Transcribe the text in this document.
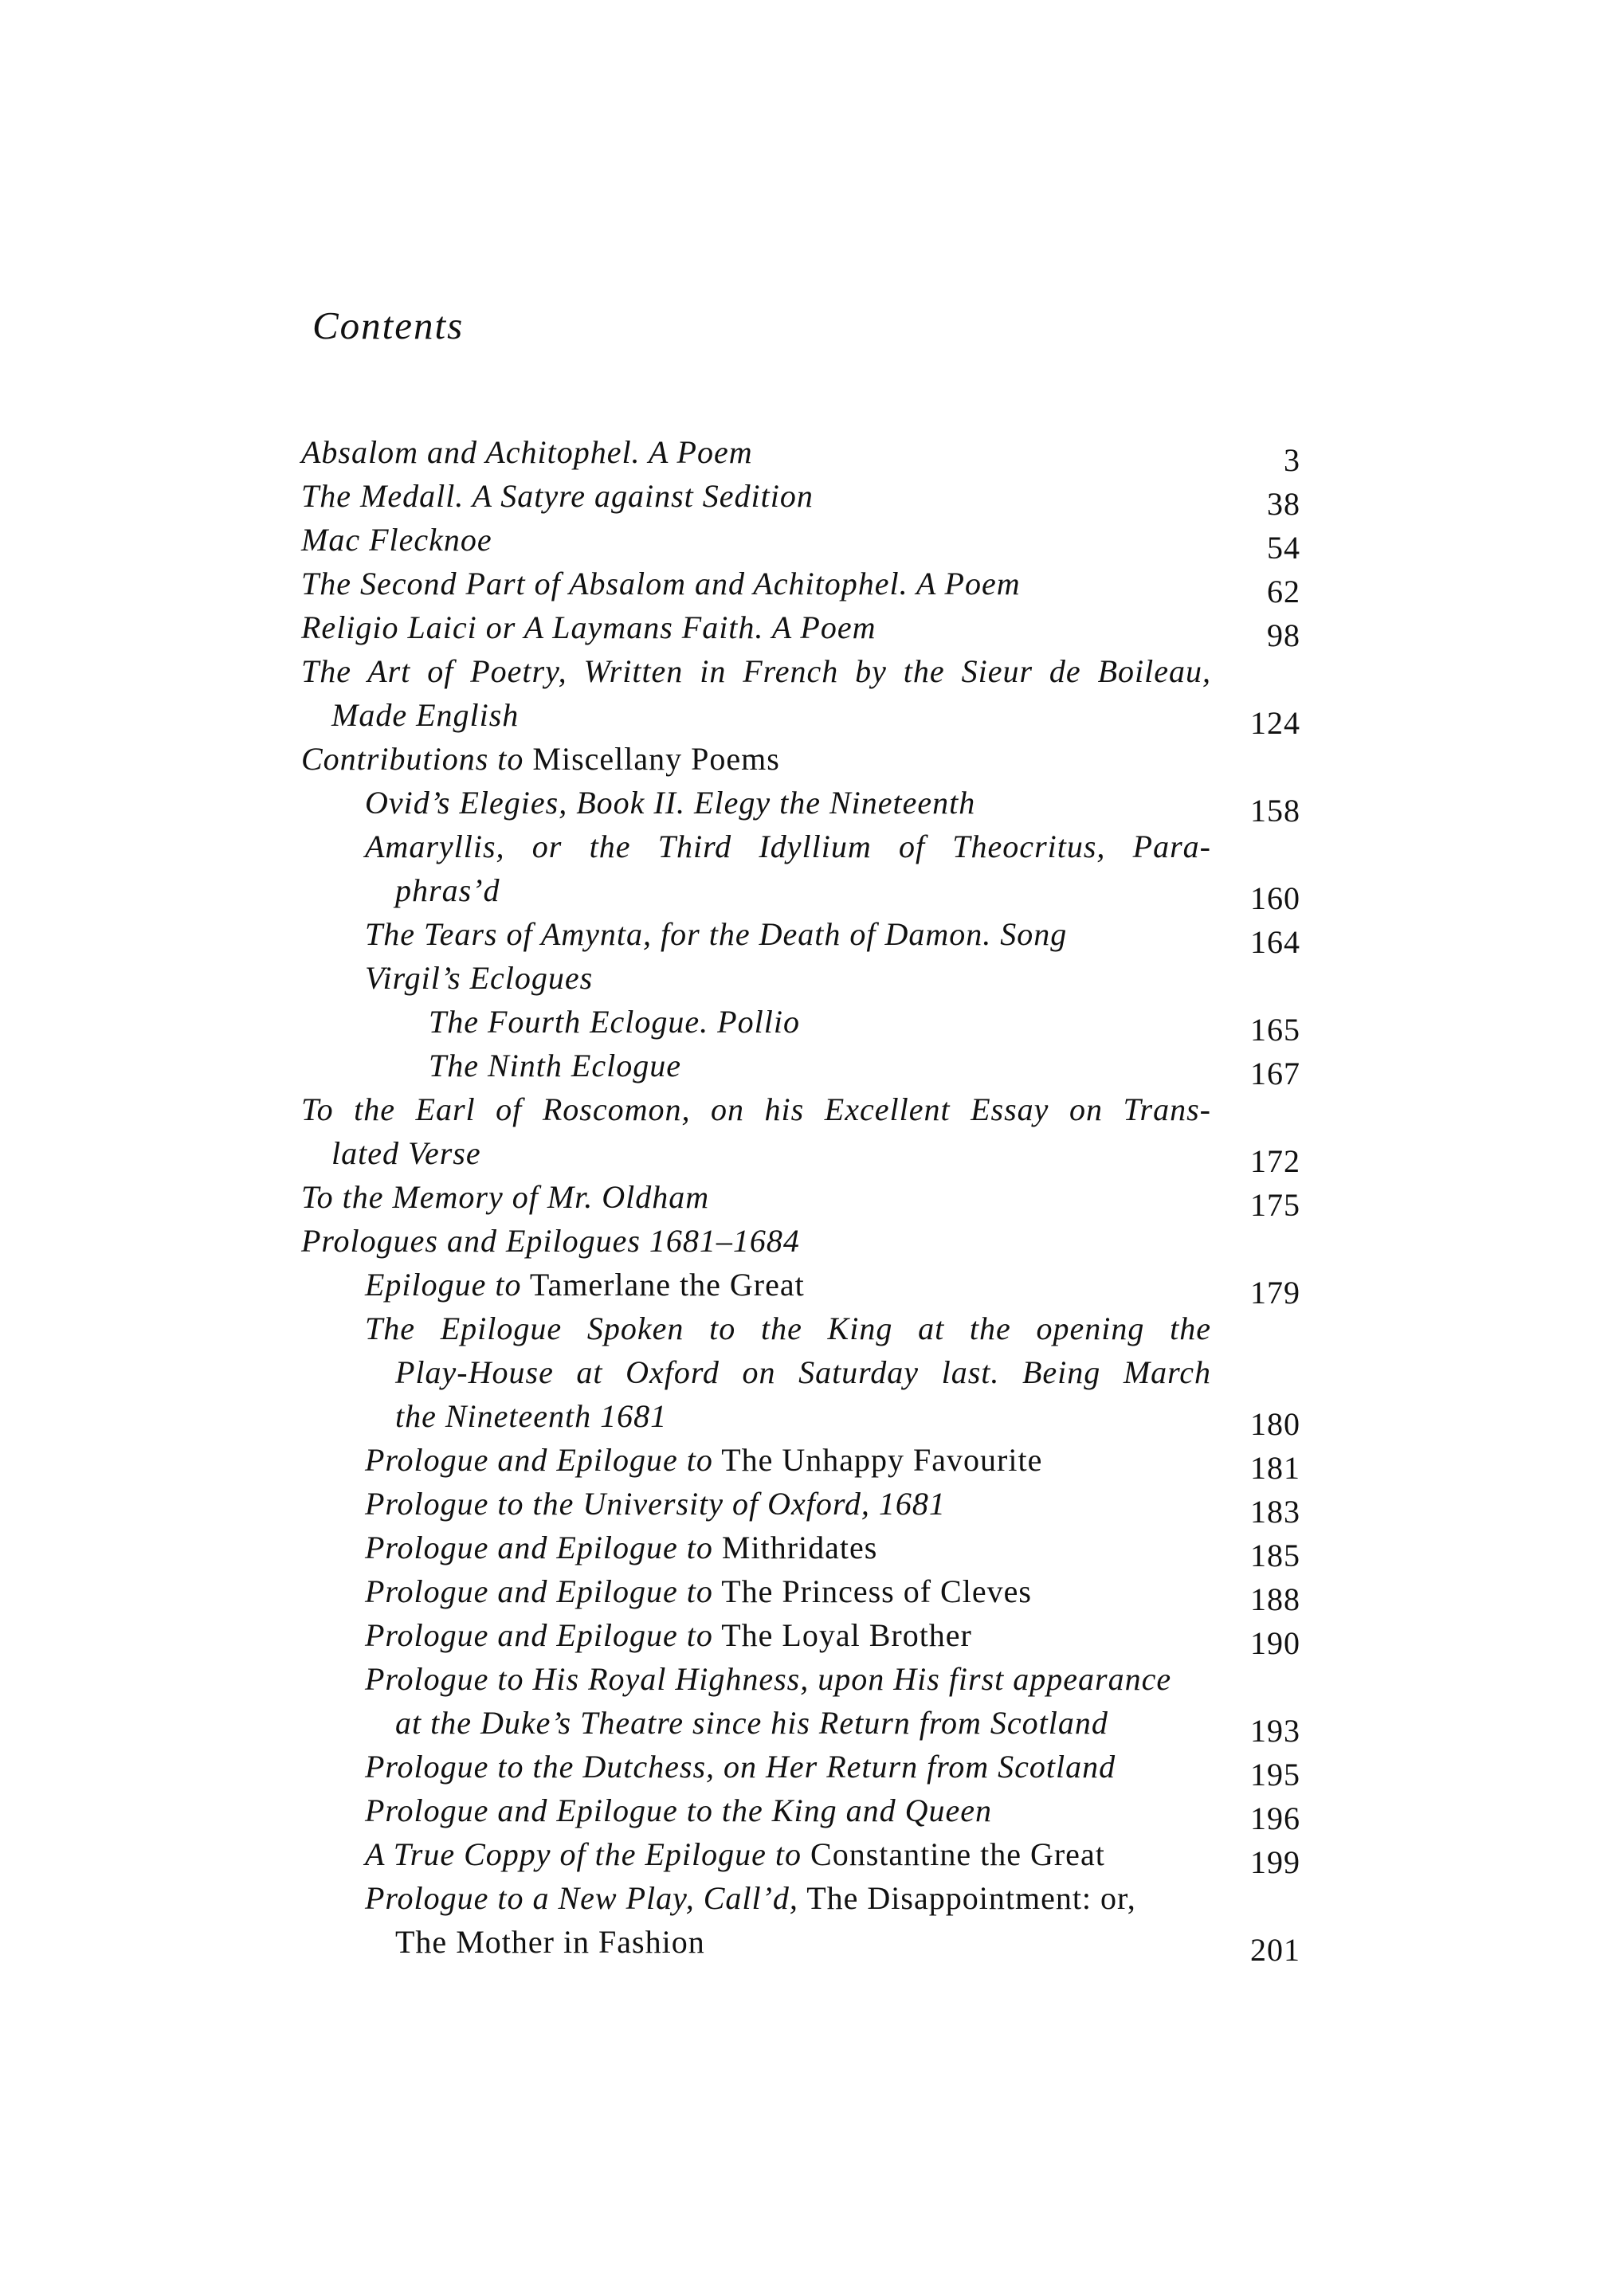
Contents
Absalom and Achitophel. A Poem	3
The Medall. A Satyre against Sedition	38
Mac Flecknoe	54
The Second Part of Absalom and Achitophel. A Poem	62
Religio Laici or A Laymans Faith. A Poem	98
The Art of Poetry, Written in French by the Sieur de Boileau,
Made English	124
Contributions to Miscellany Poems
Ovid’s Elegies, Book II. Elegy the Nineteenth	158
Amaryllis, or the Third Idyllium of Theocritus, Para-
phras’d	160
The Tears of Amynta, for the Death of Damon. Song	164
Virgil’s Eclogues
The Fourth Eclogue. Pollio	165
The Ninth Eclogue	167
To the Earl of Roscomon, on his Excellent Essay on Trans-
lated Verse	172
To the Memory of Mr. Oldham	175
Prologues and Epilogues 1681–1684
Epilogue to Tamerlane the Great	179
The Epilogue Spoken to the King at the opening the
Play-House at Oxford on Saturday last. Being March
the Nineteenth 1681	180
Prologue and Epilogue to The Unhappy Favourite	181
Prologue to the University of Oxford, 1681	183
Prologue and Epilogue to Mithridates	185
Prologue and Epilogue to The Princess of Cleves	188
Prologue and Epilogue to The Loyal Brother	190
Prologue to His Royal Highness, upon His first appearance
at the Duke’s Theatre since his Return from Scotland	193
Prologue to the Dutchess, on Her Return from Scotland	195
Prologue and Epilogue to the King and Queen	196
A True Coppy of the Epilogue to Constantine the Great	199
Prologue to a New Play, Call’d, The Disappointment: or,
The Mother in Fashion	201
